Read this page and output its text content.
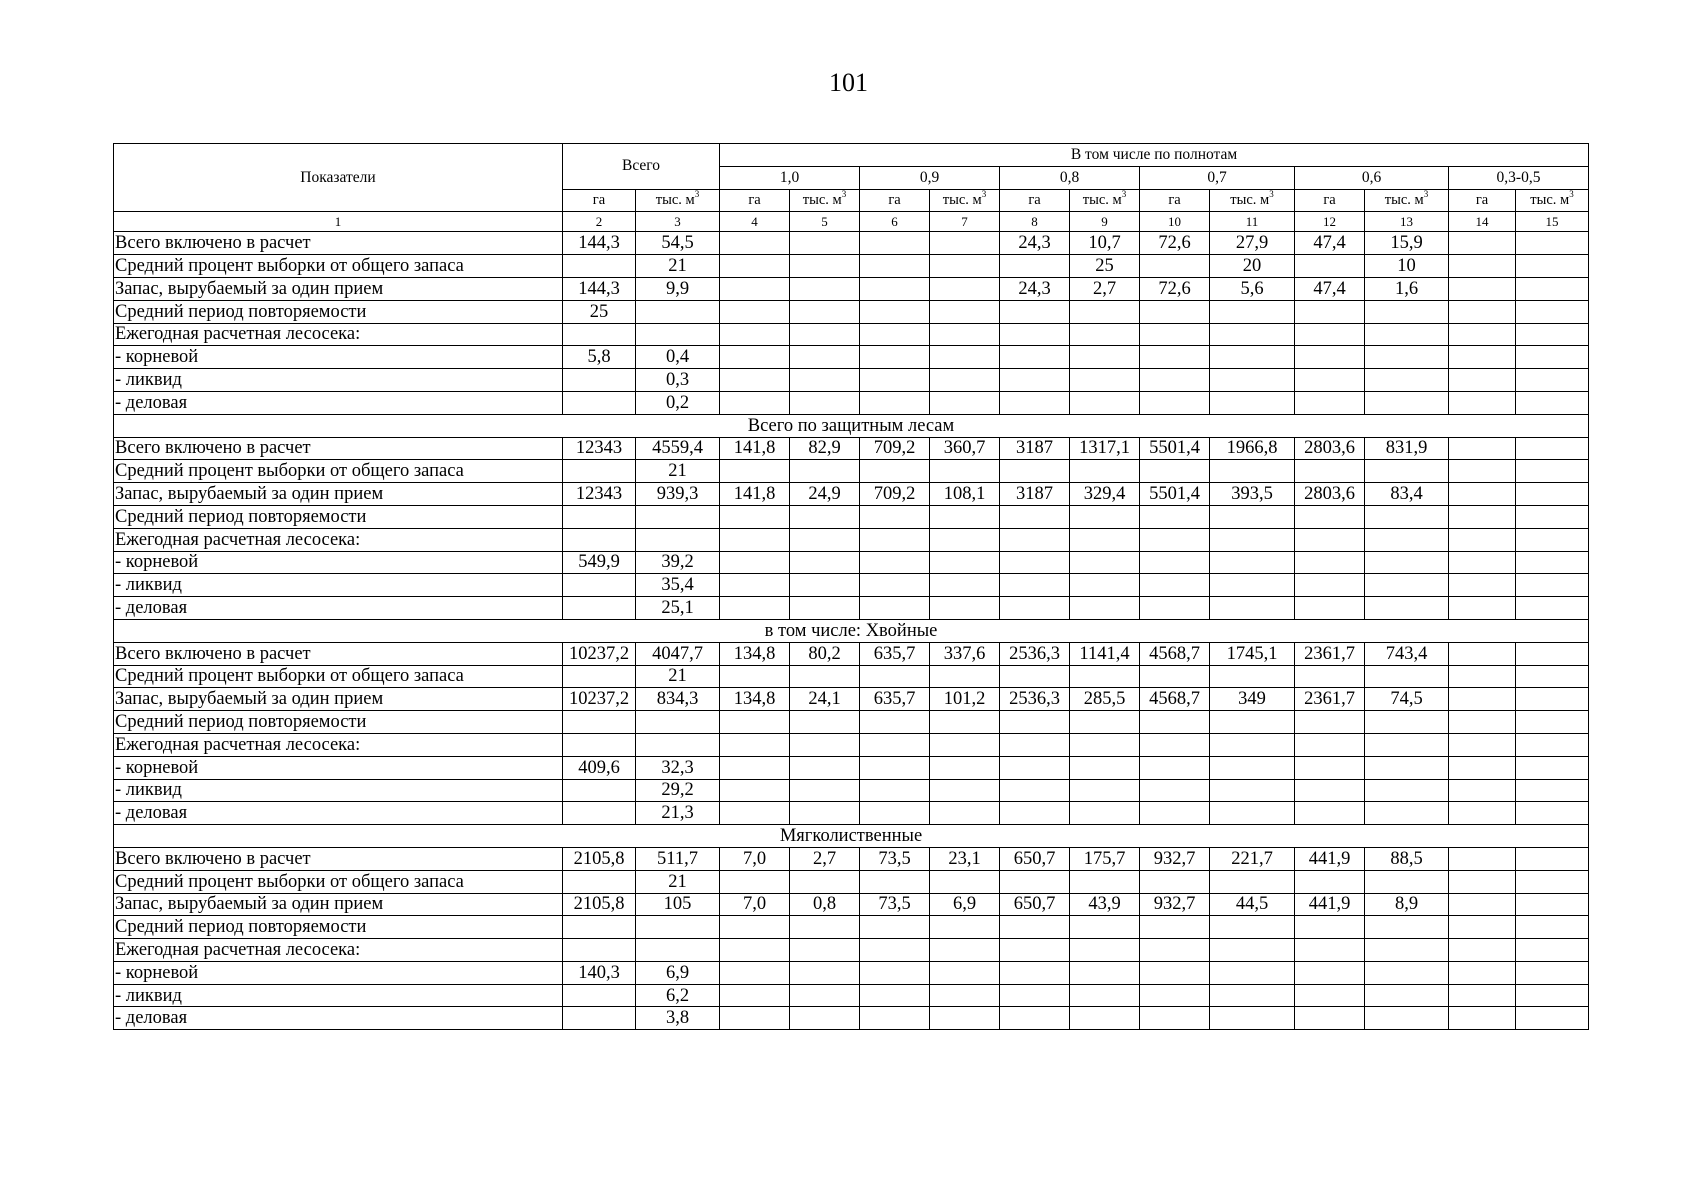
101
Показатели	Всего		В том числе по полнотам											
			1,0		0,9		0,8		0,7		0,6		0,3-0,5	
	га	тыс. $м^3$	га	тыс. $м^3$	га	тыс. $м^3$	га	тыс. $м^3$	га	тыс. $м^3$	га	тыс. $м^3$	га	тыс. $м^3$
1	2	3	4	5	6	7	8	9	10	11	12	13	14	15
Всего включено в расчет	144,3	54,5					24,3	10,7	72,6	27,9	47,4	15,9		
Средний процент выборки от общего запаса		21						25		20		10		
Запас, вырубаемый за один прием	144,3	9,9					24,3	2,7	72,6	5,6	47,4	1,6		
Средний период повторяемости	25													
Ежегодная расчетная лесосека:														
- корневой	5,8	0,4												
- ликвид		0,3												
- деловая		0,2												
Всего по защитным лесам														
Всего включено в расчет	12343	4559,4	141,8	82,9	709,2	360,7	3187	1317,1	5501,4	1966,8	2803,6	831,9		
Средний процент выборки от общего запаса		21												
Запас, вырубаемый за один прием	12343	939,3	141,8	24,9	709,2	108,1	3187	329,4	5501,4	393,5	2803,6	83,4		
Средний период повторяемости														
Ежегодная расчетная лесосека:														
- корневой	549,9	39,2												
- ликвид		35,4												
- деловая		25,1												
в том числе: Хвойные														
Всего включено в расчет	10237,2	4047,7	134,8	80,2	635,7	337,6	2536,3	1141,4	4568,7	1745,1	2361,7	743,4		
Средний процент выборки от общего запаса		21												
Запас, вырубаемый за один прием	10237,2	834,3	134,8	24,1	635,7	101,2	2536,3	285,5	4568,7	349	2361,7	74,5		
Средний период повторяемости														
Ежегодная расчетная лесосека:														
- корневой	409,6	32,3												
- ликвид		29,2												
- деловая		21,3												
Мягколиственные														
Всего включено в расчет	2105,8	511,7	7,0	2,7	73,5	23,1	650,7	175,7	932,7	221,7	441,9	88,5		
Средний процент выборки от общего запаса		21												
Запас, вырубаемый за один прием	2105,8	105	7,0	0,8	73,5	6,9	650,7	43,9	932,7	44,5	441,9	8,9		
Средний период повторяемости														
Ежегодная расчетная лесосека:														
- корневой	140,3	6,9												
- ликвид		6,2												
- деловая		3,8												
